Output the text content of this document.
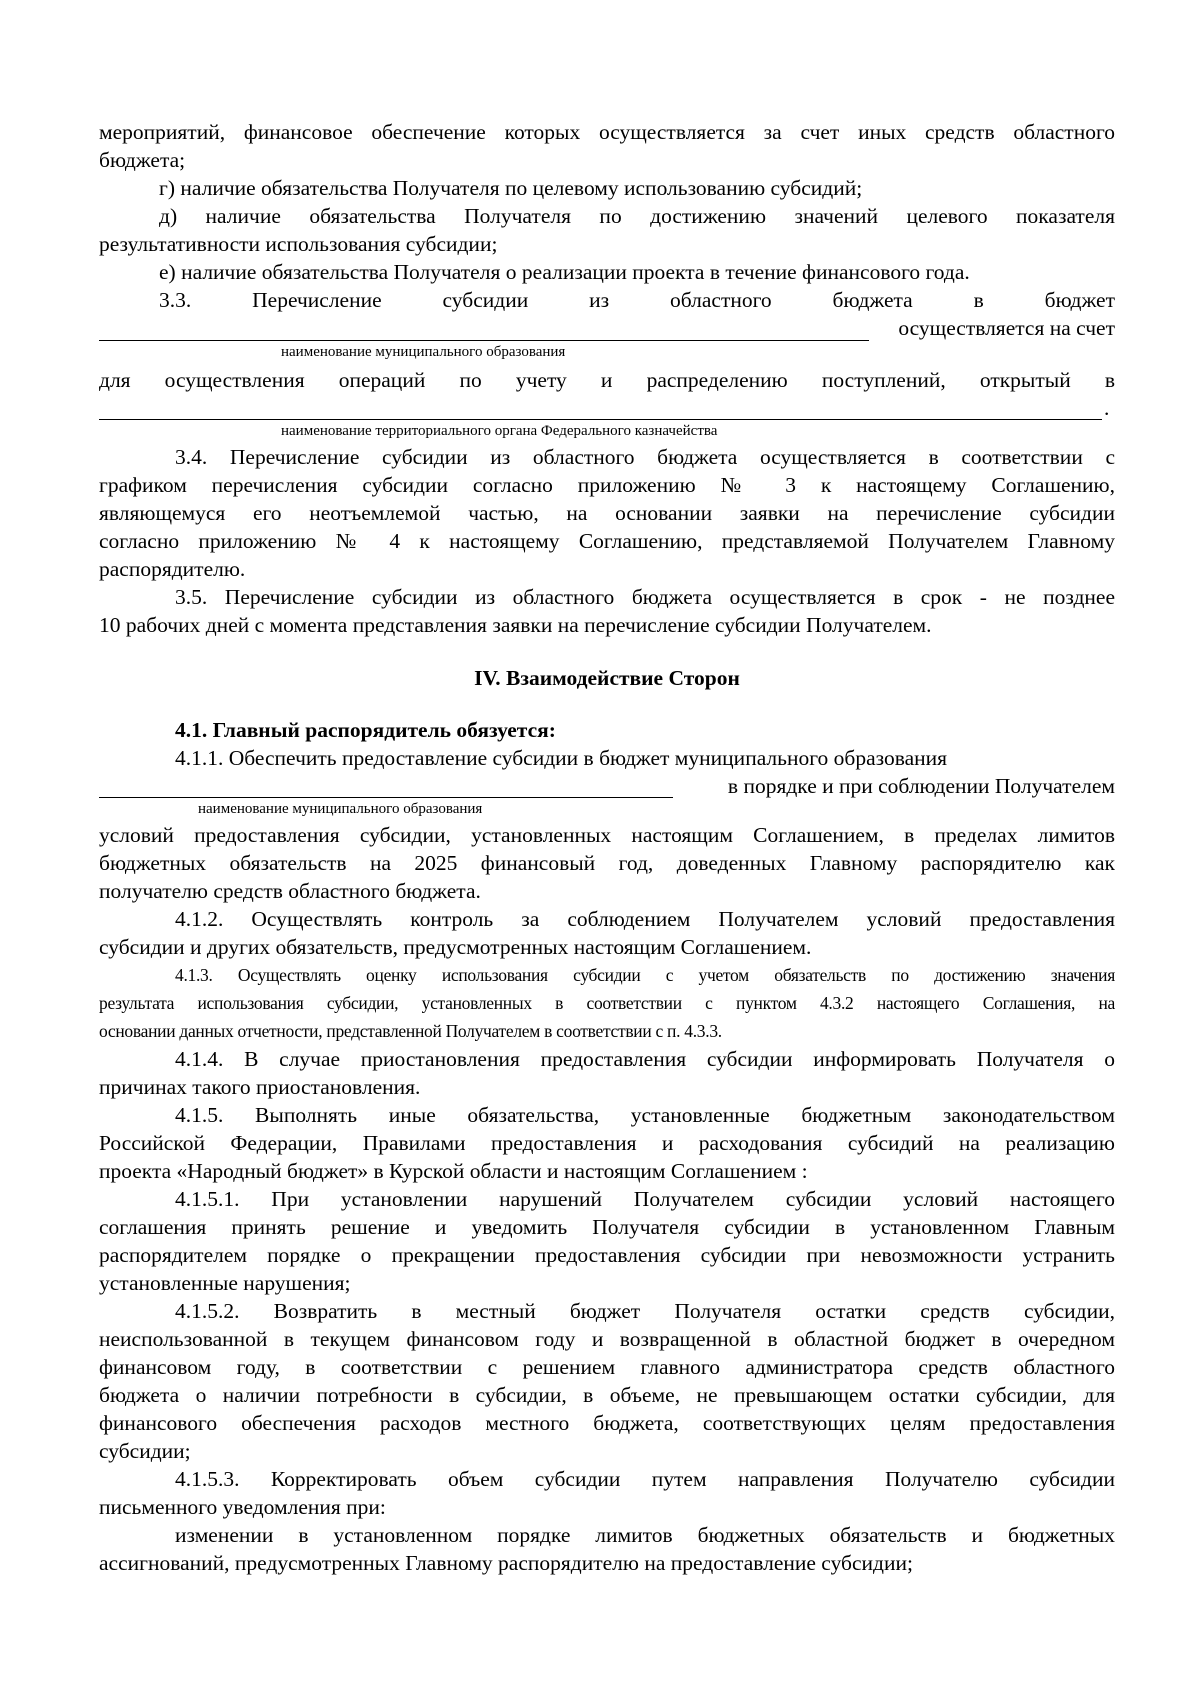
мероприятий, финансовое обеспечение которых осуществляется за счет иных средств областного
бюджета;
г) наличие обязательства Получателя по целевому использованию субсидий;
д) наличие обязательства Получателя по достижению значений целевого показателя
результативности использования субсидии;
е) наличие обязательства Получателя о реализации проекта в течение финансового года.
3.3. Перечисление субсидии из областного бюджета в бюджет
осуществляется на счет
наименование муниципального образования
для осуществления операций по учету и распределению поступлений, открытый в
.
наименование территориального органа Федерального казначейства
3.4. Перечисление субсидии из областного бюджета осуществляется в соответствии с
графиком перечисления субсидии согласно приложению № 3 к настоящему Соглашению,
являющемуся его неотъемлемой частью, на основании заявки на перечисление субсидии
согласно приложению № 4 к настоящему Соглашению, представляемой Получателем Главному
распорядителю.
3.5. Перечисление субсидии из областного бюджета осуществляется в срок - не позднее
10 рабочих дней с момента представления заявки на перечисление субсидии Получателем.
IV. Взаимодействие Сторон
4.1. Главный распорядитель обязуется:
4.1.1. Обеспечить предоставление субсидии в бюджет муниципального образования
в порядке и при соблюдении Получателем
наименование муниципального образования
условий предоставления субсидии, установленных настоящим Соглашением, в пределах лимитов
бюджетных обязательств на 2025 финансовый год, доведенных Главному распорядителю как
получателю средств областного бюджета.
4.1.2. Осуществлять контроль за соблюдением Получателем условий предоставления
субсидии и других обязательств, предусмотренных настоящим Соглашением.
4.1.3. Осуществлять оценку использования субсидии с учетом обязательств по достижению значения
результата использования субсидии, установленных в соответствии с пунктом 4.3.2 настоящего Соглашения, на
основании данных отчетности, представленной Получателем в соответствии с п. 4.3.3.
4.1.4. В случае приостановления предоставления субсидии информировать Получателя о
причинах такого приостановления.
4.1.5. Выполнять иные обязательства, установленные бюджетным законодательством
Российской Федерации, Правилами предоставления и расходования субсидий на реализацию
проекта «Народный бюджет» в Курской области и настоящим Соглашением :
4.1.5.1. При установлении нарушений Получателем субсидии условий настоящего
соглашения принять решение и уведомить Получателя субсидии в установленном Главным
распорядителем порядке о прекращении предоставления субсидии при невозможности устранить
установленные нарушения;
4.1.5.2. Возвратить в местный бюджет Получателя остатки средств субсидии,
неиспользованной в текущем финансовом году и возвращенной в областной бюджет в очередном
финансовом году, в соответствии с решением главного администратора средств областного
бюджета о наличии потребности в субсидии, в объеме, не превышающем остатки субсидии, для
финансового обеспечения расходов местного бюджета, соответствующих целям предоставления
субсидии;
4.1.5.3. Корректировать объем субсидии путем направления Получателю субсидии
письменного уведомления при:
изменении в установленном порядке лимитов бюджетных обязательств и бюджетных
ассигнований, предусмотренных Главному распорядителю на предоставление субсидии;
